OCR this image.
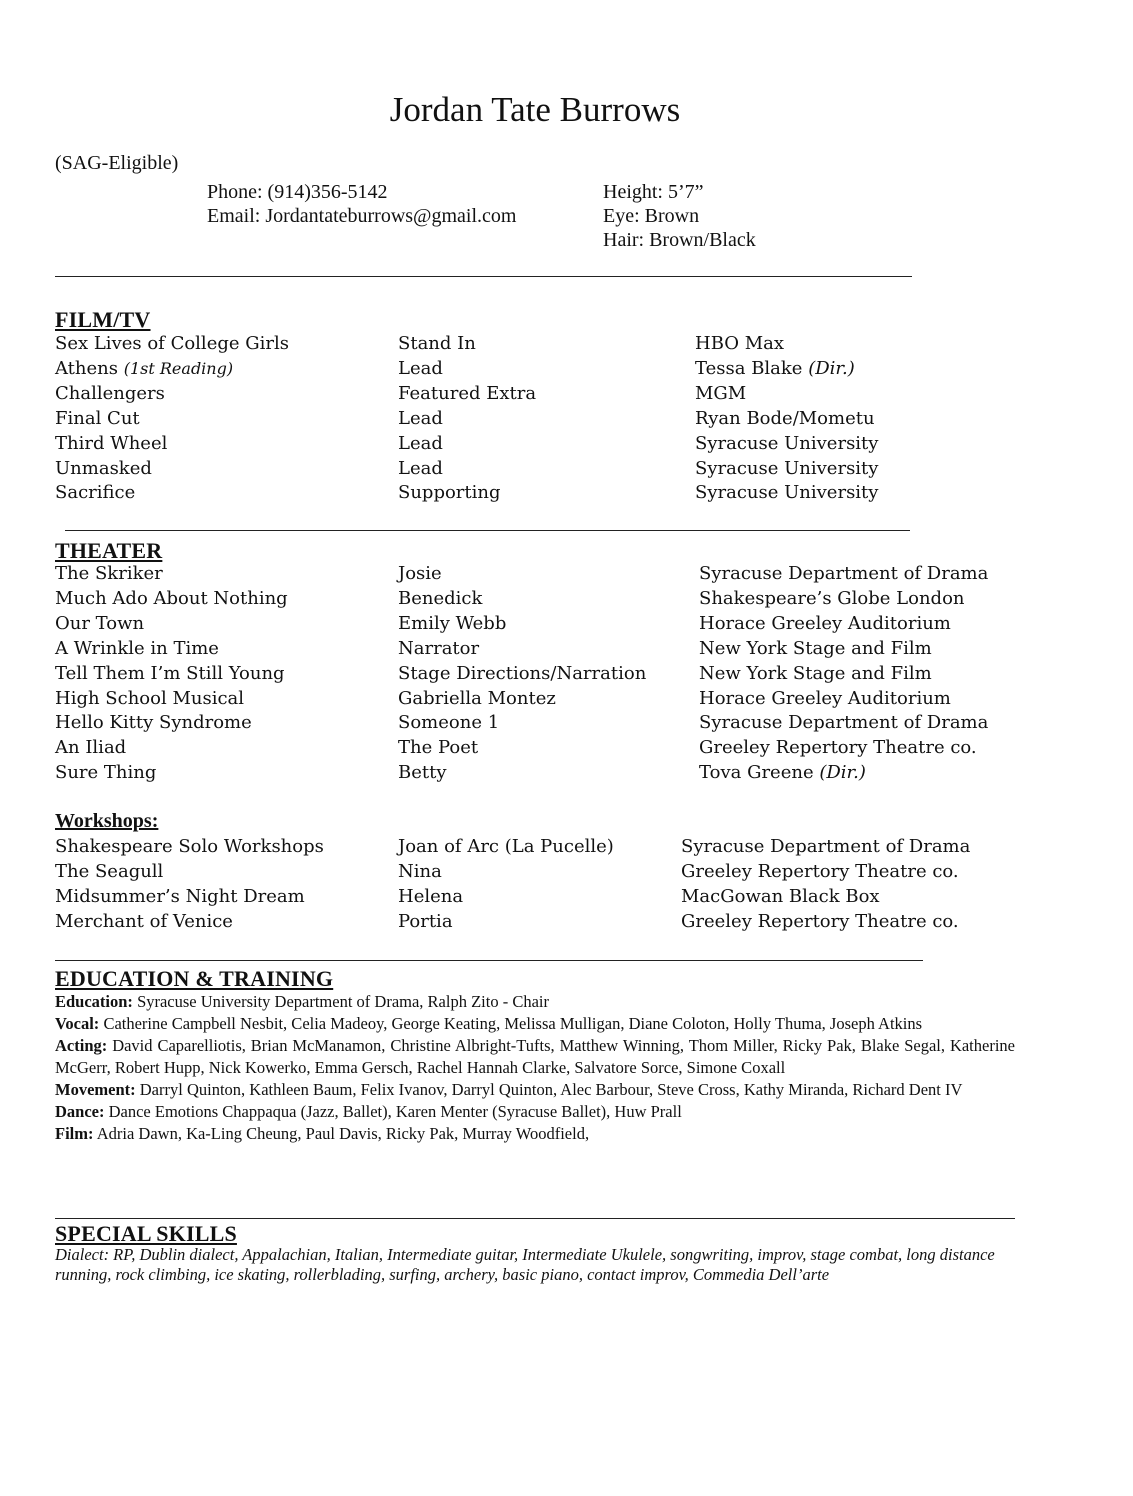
Jordan Tate Burrows
(SAG-Eligible)
Phone: (914)356-5142
Email: Jordantateburrows@gmail.com
Height: 5’7”
Eye: Brown
Hair: Brown/Black
FILM/TV
Sex Lives of College Girls	Stand In	HBO Max
Athens (1st Reading)	Lead	Tessa Blake (Dir.)
Challengers	Featured Extra	MGM
Final Cut	Lead	Ryan Bode/Mometu
Third Wheel	Lead	Syracuse University
Unmasked	Lead	Syracuse University
Sacrifice	Supporting	Syracuse University
THEATER
The Skriker	Josie	Syracuse Department of Drama
Much Ado About Nothing	Benedick	Shakespeare’s Globe London
Our Town	Emily Webb	Horace Greeley Auditorium
A Wrinkle in Time	Narrator	New York Stage and Film
Tell Them I’m Still Young	Stage Directions/Narration	New York Stage and Film
High School Musical	Gabriella Montez	Horace Greeley Auditorium
Hello Kitty Syndrome	Someone 1	Syracuse Department of Drama
An Iliad	The Poet	Greeley Repertory Theatre co.
Sure Thing	Betty	Tova Greene (Dir.)
Workshops:
Shakespeare Solo Workshops	Joan of Arc (La Pucelle)	Syracuse Department of Drama
The Seagull	Nina	Greeley Repertory Theatre co.
Midsummer’s Night Dream	Helena	MacGowan Black Box
Merchant of Venice	Portia	Greeley Repertory Theatre co.
EDUCATION & TRAINING
Education: Syracuse University Department of Drama, Ralph Zito - Chair
Vocal: Catherine Campbell Nesbit, Celia Madeoy, George Keating, Melissa Mulligan, Diane Coloton, Holly Thuma, Joseph Atkins
Acting: David Caparelliotis, Brian McManamon, Christine Albright-Tufts, Matthew Winning, Thom Miller, Ricky Pak, Blake Segal, Katherine McGerr, Robert Hupp, Nick Kowerko, Emma Gersch, Rachel Hannah Clarke, Salvatore Sorce, Simone Coxall
Movement: Darryl Quinton, Kathleen Baum, Felix Ivanov, Darryl Quinton, Alec Barbour, Steve Cross, Kathy Miranda, Richard Dent IV
Dance: Dance Emotions Chappaqua (Jazz, Ballet), Karen Menter (Syracuse Ballet), Huw Prall
Film: Adria Dawn, Ka-Ling Cheung, Paul Davis, Ricky Pak, Murray Woodfield,
SPECIAL SKILLS
Dialect: RP, Dublin dialect, Appalachian, Italian, Intermediate guitar, Intermediate Ukulele, songwriting, improv, stage combat, long distance running, rock climbing, ice skating, rollerblading, surfing, archery, basic piano, contact improv, Commedia Dell’arte
